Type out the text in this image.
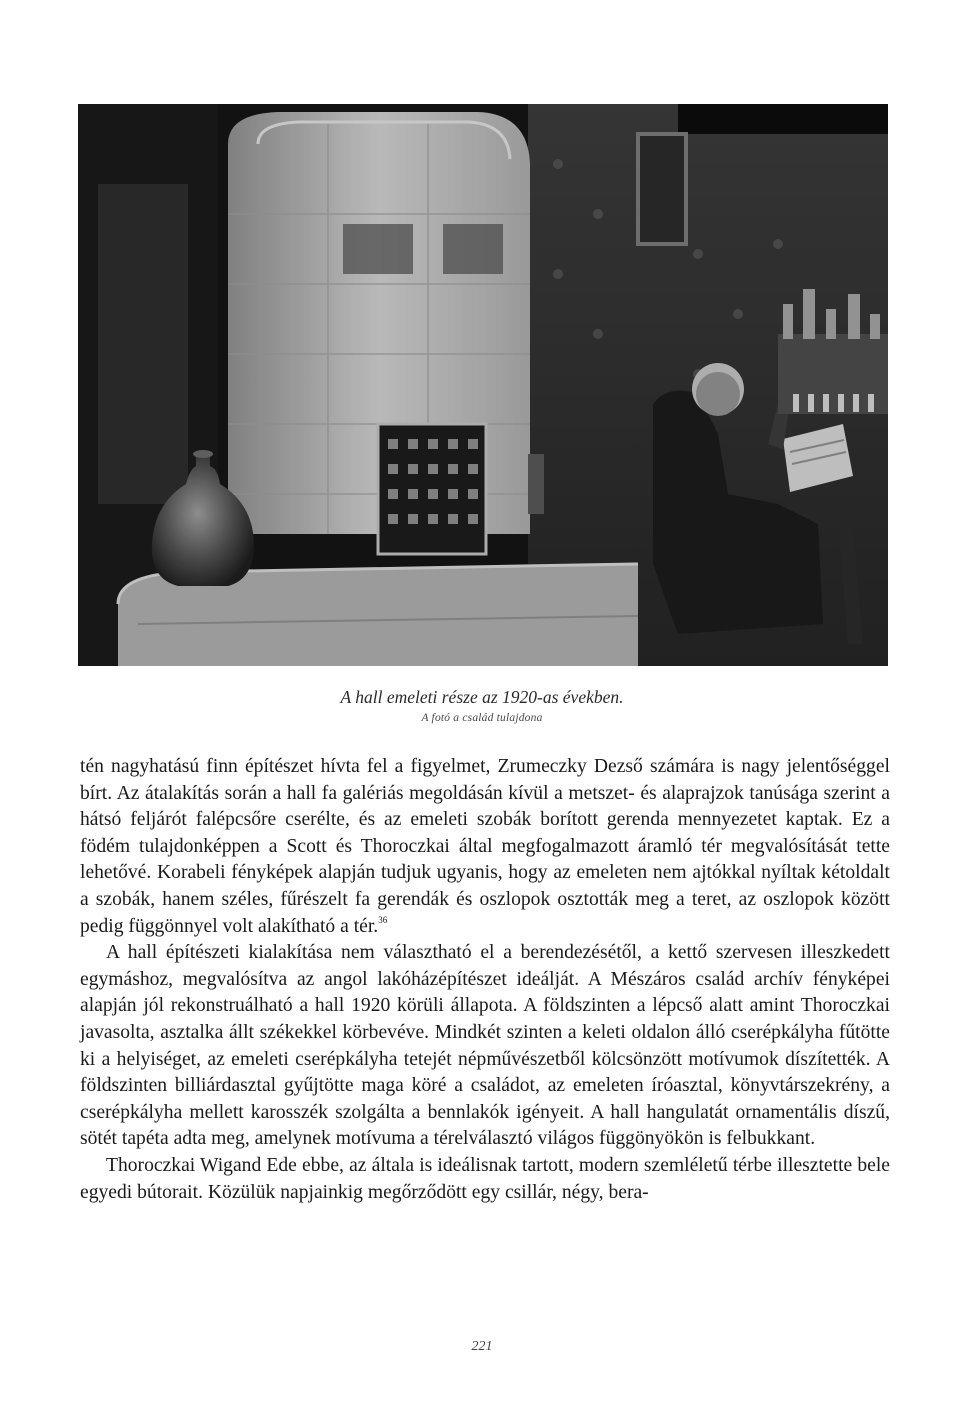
A hall emeleti része az 1920-as években.
A fotó a család tulajdona

tén nagyhatású finn építészet hívta fel a figyelmet, Zrumeczky Dezső számára is nagy jelentőséggel bírt. Az átalakítás során a hall fa galériás megoldásán kívül a metszet- és alaprajzok tanúsága szerint a hátsó feljárót falépcsőre cserélte, és az emeleti szobák borított gerenda mennyezetet kaptak. Ez a födém tulajdonképpen a Scott és Thoroczkai által megfogalmazott áramló tér megvalósítását tette lehetővé. Korabeli fényképek alapján tudjuk ugyanis, hogy az emeleten nem ajtókkal nyíltak kétoldalt a szobák, hanem széles, fűrészelt fa gerendák és oszlopok osztották meg a teret, az oszlopok között pedig függönnyel volt alakítható a tér.$^{36}$

A hall építészeti kialakítása nem választható el a berendezésétől, a kettő szervesen illeszkedett egymáshoz, megvalósítva az angol lakóházépítészet ideálját. A Mészáros család archív fényképei alapján jól rekonstruálható a hall 1920 körüli állapota. A földszinten a lépcső alatt amint Thoroczkai javasolta, asztalka állt székekkel körbevéve. Mindkét szinten a keleti oldalon álló cserépkályha fűtötte ki a helyiséget, az emeleti cserépkályha tetejét népművészetből kölcsönzött motívumok díszítették. A földszinten billiárdasztal gyűjtötte maga köré a családot, az emeleten íróasztal, könyvtárszekrény, a cserépkályha mellett karosszék szolgálta a bennlakók igényeit. A hall hangulatát ornamentális díszű, sötét tapéta adta meg, amelynek motívuma a térelválasztó világos függönyökön is felbukkant.

Thoroczkai Wigand Ede ebbe, az általa is ideálisnak tartott, modern szemléletű térbe illesztette bele egyedi bútorait. Közülük napjainkig megőrződött egy csillár, négy, bera-

221
